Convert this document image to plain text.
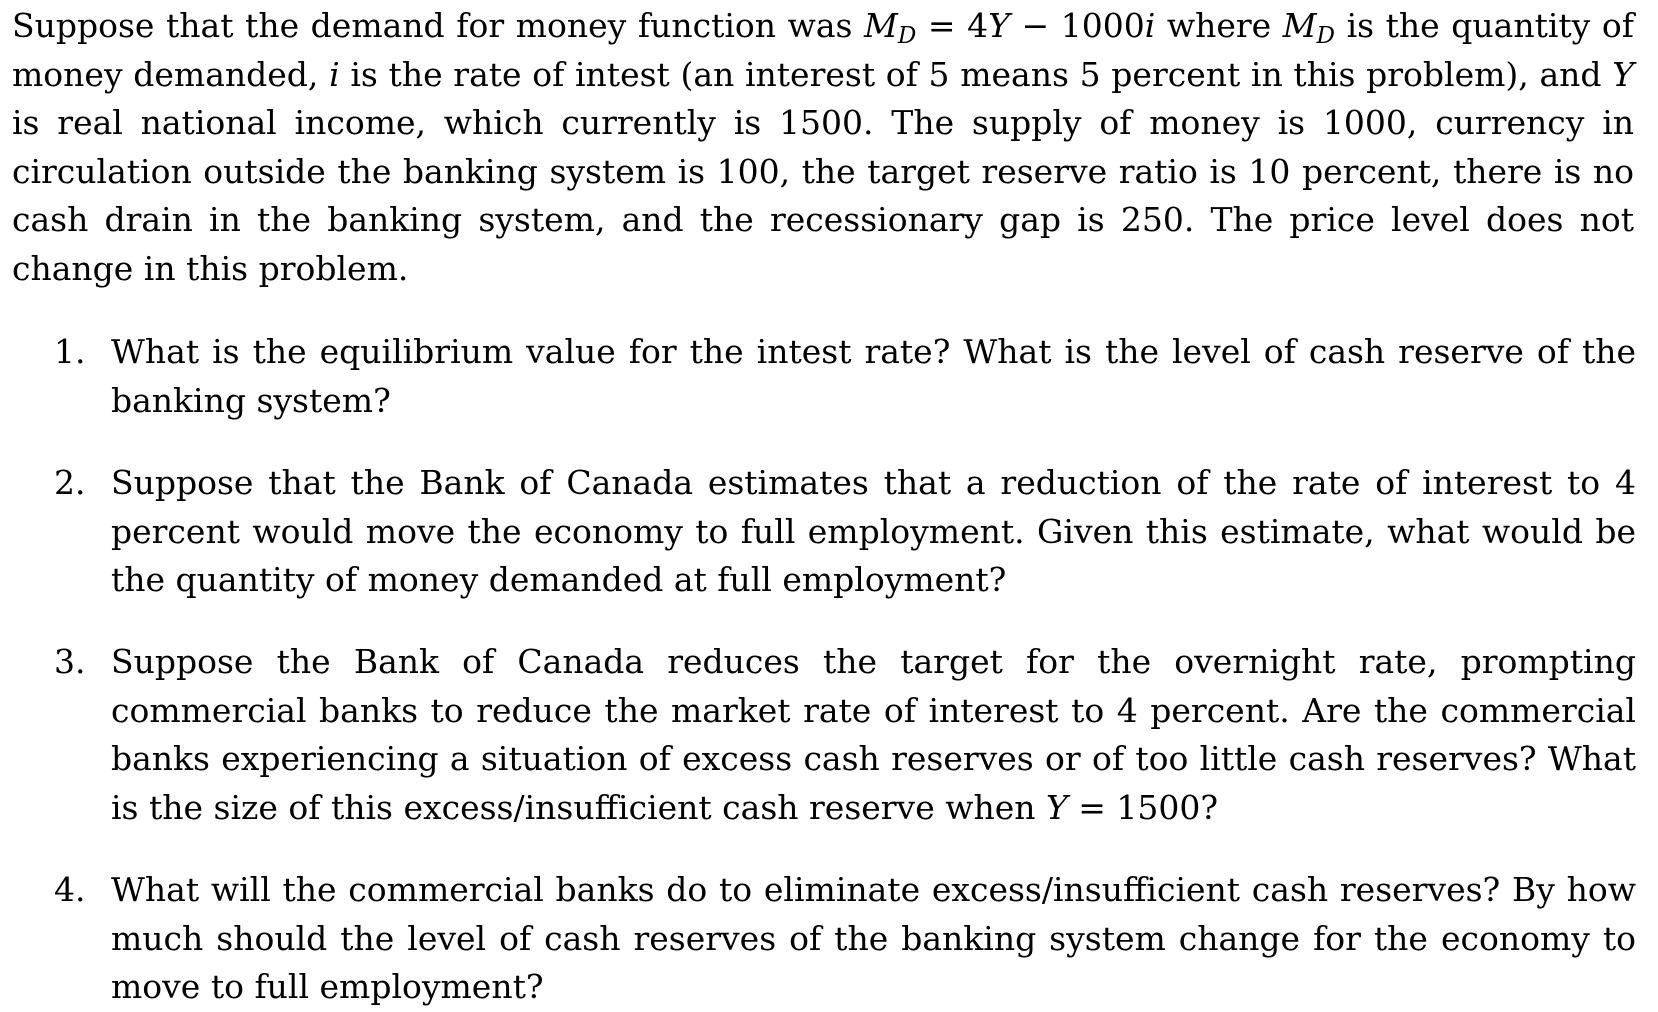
Suppose that the demand for money function was $M_D = 4Y - 1000i$ where $M_D$ is the quantity of money demanded, i is the rate of intest (an interest of 5 means 5 percent in this problem), and Y is real national income, which currently is 1500. The supply of money is 1000, currency in circulation outside the banking system is 100, the target reserve ratio is 10 percent, there is no cash drain in the banking system, and the recessionary gap is 250. The price level does not change in this problem.

1. What is the equilibrium value for the intest rate? What is the level of cash reserve of the banking system?
2. Suppose that the Bank of Canada estimates that a reduction of the rate of interest to 4 percent would move the economy to full employment. Given this estimate, what would be the quantity of money demanded at full employment?
3. Suppose the Bank of Canada reduces the target for the overnight rate, prompting commercial banks to reduce the market rate of interest to 4 percent. Are the commercial banks experiencing a situation of excess cash reserves or of too little cash reserves? What is the size of this excess/insufficient cash reserve when Y = 1500?
4. What will the commercial banks do to eliminate excess/insufficient cash reserves? By how much should the level of cash reserves of the banking system change for the economy to move to full employment?
